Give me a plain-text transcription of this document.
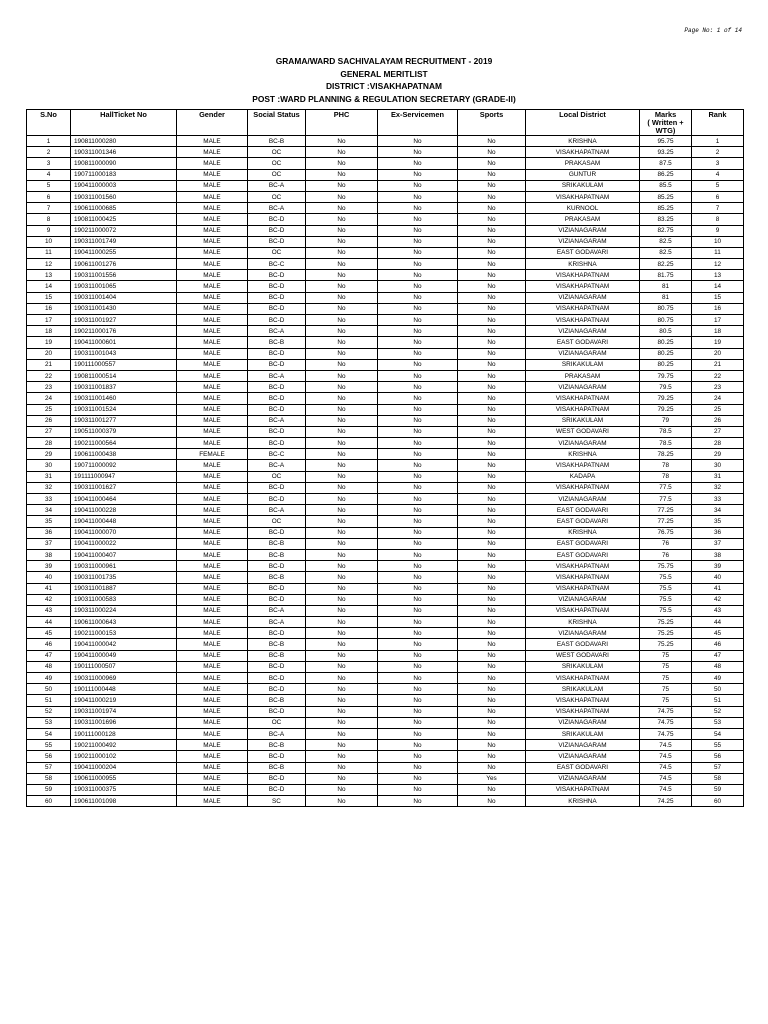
Page No: 1 of 14
GRAMA/WARD SACHIVALAYAM RECRUITMENT - 2019
GENERAL MERITLIST
DISTRICT :VISAKHAPATNAM
POST :WARD PLANNING & REGULATION SECRETARY (GRADE-II)
S.No	HallTicket No	Gender	Social Status	PHC	Ex-Servicemen	Sports	Local District	Marks
( Written + WTG)	Rank

1	190811000280	MALE	BC-B	No	No	No	KRISHNA	95.75	1
2	190311001346	MALE	OC	No	No	No	VISAKHAPATNAM	93.25	2
3	190811000090	MALE	OC	No	No	No	PRAKASAM	87.5	3
4	190711000183	MALE	OC	No	No	No	GUNTUR	86.25	4
5	190411000003	MALE	BC-A	No	No	No	SRIKAKULAM	85.5	5
6	190311001560	MALE	OC	No	No	No	VISAKHAPATNAM	85.25	6
7	190611000685	MALE	BC-A	No	No	No	KURNOOL	85.25	7
8	190811000425	MALE	BC-D	No	No	No	PRAKASAM	83.25	8
9	190211000072	MALE	BC-D	No	No	No	VIZIANAGARAM	82.75	9
10	190311001749	MALE	BC-D	No	No	No	VIZIANAGARAM	82.5	10
11	190411000255	MALE	OC	No	No	No	EAST GODAVARI	82.5	11
12	190611001276	MALE	BC-C	No	No	No	KRISHNA	82.25	12
13	190311001556	MALE	BC-D	No	No	No	VISAKHAPATNAM	81.75	13
14	190311001065	MALE	BC-D	No	No	No	VISAKHAPATNAM	81	14
15	190311001404	MALE	BC-D	No	No	No	VIZIANAGARAM	81	15
16	190311001430	MALE	BC-D	No	No	No	VISAKHAPATNAM	80.75	16
17	190311001927	MALE	BC-D	No	No	No	VISAKHAPATNAM	80.75	17
18	190211000176	MALE	BC-A	No	No	No	VIZIANAGARAM	80.5	18
19	190411000601	MALE	BC-B	No	No	No	EAST GODAVARI	80.25	19
20	190311001043	MALE	BC-D	No	No	No	VIZIANAGARAM	80.25	20
21	190111000557	MALE	BC-D	No	No	No	SRIKAKULAM	80.25	21
22	190811000514	MALE	BC-A	No	No	No	PRAKASAM	79.75	22
23	190311001837	MALE	BC-D	No	No	No	VIZIANAGARAM	79.5	23
24	190311001460	MALE	BC-D	No	No	No	VISAKHAPATNAM	79.25	24
25	190311001524	MALE	BC-D	No	No	No	VISAKHAPATNAM	79.25	25
26	190311001277	MALE	BC-A	No	No	No	SRIKAKULAM	79	26
27	190511000379	MALE	BC-D	No	No	No	WEST GODAVARI	78.5	27
28	190211000564	MALE	BC-D	No	No	No	VIZIANAGARAM	78.5	28
29	190611000438	FEMALE	BC-C	No	No	No	KRISHNA	78.25	29
30	190711000092	MALE	BC-A	No	No	No	VISAKHAPATNAM	78	30
31	191111000947	MALE	OC	No	No	No	KADAPA	78	31
32	190311001627	MALE	BC-D	No	No	No	VISAKHAPATNAM	77.5	32
33	190411000464	MALE	BC-D	No	No	No	VIZIANAGARAM	77.5	33
34	190411000228	MALE	BC-A	No	No	No	EAST GODAVARI	77.25	34
35	190411000448	MALE	OC	No	No	No	EAST GODAVARI	77.25	35
36	190411000070	MALE	BC-D	No	No	No	KRISHNA	76.75	36
37	190411000022	MALE	BC-B	No	No	No	EAST GODAVARI	76	37
38	190411000407	MALE	BC-B	No	No	No	EAST GODAVARI	76	38
39	190311000961	MALE	BC-D	No	No	No	VISAKHAPATNAM	75.75	39
40	190311001735	MALE	BC-B	No	No	No	VISAKHAPATNAM	75.5	40
41	190311001887	MALE	BC-D	No	No	No	VISAKHAPATNAM	75.5	41
42	190311000583	MALE	BC-D	No	No	No	VIZIANAGARAM	75.5	42
43	190311000224	MALE	BC-A	No	No	No	VISAKHAPATNAM	75.5	43
44	190611000643	MALE	BC-A	No	No	No	KRISHNA	75.25	44
45	190211000153	MALE	BC-D	No	No	No	VIZIANAGARAM	75.25	45
46	190411000042	MALE	BC-B	No	No	No	EAST GODAVARI	75.25	46
47	190411000049	MALE	BC-B	No	No	No	WEST GODAVARI	75	47
48	190111000507	MALE	BC-D	No	No	No	SRIKAKULAM	75	48
49	190311000969	MALE	BC-D	No	No	No	VISAKHAPATNAM	75	49
50	190111000448	MALE	BC-D	No	No	No	SRIKAKULAM	75	50
51	190411000219	MALE	BC-B	No	No	No	VISAKHAPATNAM	75	51
52	190311001974	MALE	BC-D	No	No	No	VISAKHAPATNAM	74.75	52
53	190311001696	MALE	OC	No	No	No	VIZIANAGARAM	74.75	53
54	190111000128	MALE	BC-A	No	No	No	SRIKAKULAM	74.75	54
55	190211000492	MALE	BC-B	No	No	No	VIZIANAGARAM	74.5	55
56	190211000102	MALE	BC-D	No	No	No	VIZIANAGARAM	74.5	56
57	190411000204	MALE	BC-B	No	No	No	EAST GODAVARI	74.5	57
58	190611000955	MALE	BC-D	No	No	Yes	VIZIANAGARAM	74.5	58
59	190311000375	MALE	BC-D	No	No	No	VISAKHAPATNAM	74.5	59
60	190611001098	MALE	SC	No	No	No	KRISHNA	74.25	60
